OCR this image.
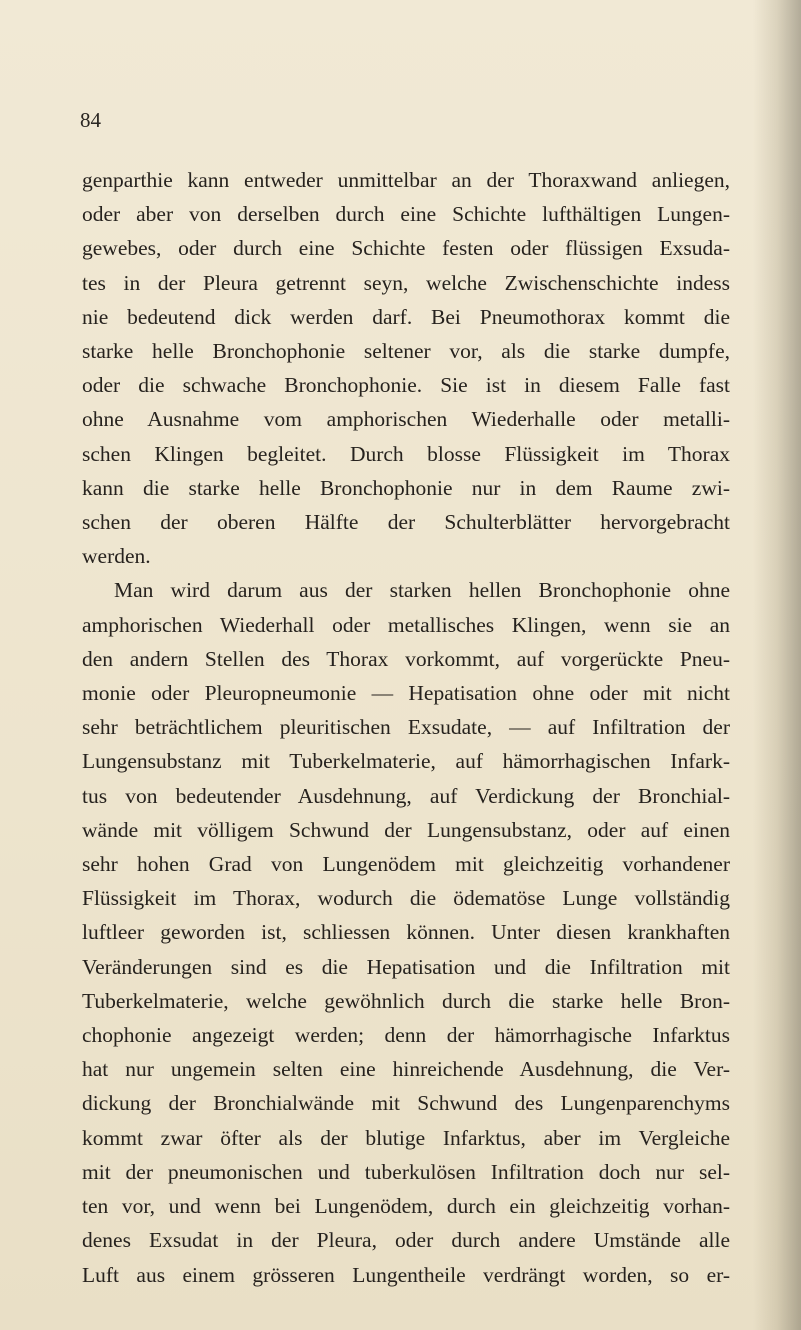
84
genparthie kann entweder unmittelbar an der Thoraxwand anliegen,
oder aber von derselben durch eine Schichte lufthältigen Lungen-
gewebes, oder durch eine Schichte festen oder flüssigen Exsuda-
tes in der Pleura getrennt seyn, welche Zwischenschichte indess
nie bedeutend dick werden darf. Bei Pneumothorax kommt die
starke helle Bronchophonie seltener vor, als die starke dumpfe,
oder die schwache Bronchophonie. Sie ist in diesem Falle fast
ohne Ausnahme vom amphorischen Wiederhalle oder metalli-
schen Klingen begleitet. Durch blosse Flüssigkeit im Thorax
kann die starke helle Bronchophonie nur in dem Raume zwi-
schen der oberen Hälfte der Schulterblätter hervorgebracht
werden.
Man wird darum aus der starken hellen Bronchophonie ohne
amphorischen Wiederhall oder metallisches Klingen, wenn sie an
den andern Stellen des Thorax vorkommt, auf vorgerückte Pneu-
monie oder Pleuropneumonie — Hepatisation ohne oder mit nicht
sehr beträchtlichem pleuritischen Exsudate, — auf Infiltration der
Lungensubstanz mit Tuberkelmaterie, auf hämorrhagischen Infark-
tus von bedeutender Ausdehnung, auf Verdickung der Bronchial-
wände mit völligem Schwund der Lungensubstanz, oder auf einen
sehr hohen Grad von Lungenödem mit gleichzeitig vorhandener
Flüssigkeit im Thorax, wodurch die ödematöse Lunge vollständig
luftleer geworden ist, schliessen können. Unter diesen krankhaften
Veränderungen sind es die Hepatisation und die Infiltration mit
Tuberkelmaterie, welche gewöhnlich durch die starke helle Bron-
chophonie angezeigt werden; denn der hämorrhagische Infarktus
hat nur ungemein selten eine hinreichende Ausdehnung, die Ver-
dickung der Bronchialwände mit Schwund des Lungenparenchyms
kommt zwar öfter als der blutige Infarktus, aber im Vergleiche
mit der pneumonischen und tuberkulösen Infiltration doch nur sel-
ten vor, und wenn bei Lungenödem, durch ein gleichzeitig vorhan-
denes Exsudat in der Pleura, oder durch andere Umstände alle
Luft aus einem grösseren Lungentheile verdrängt worden, so er-
